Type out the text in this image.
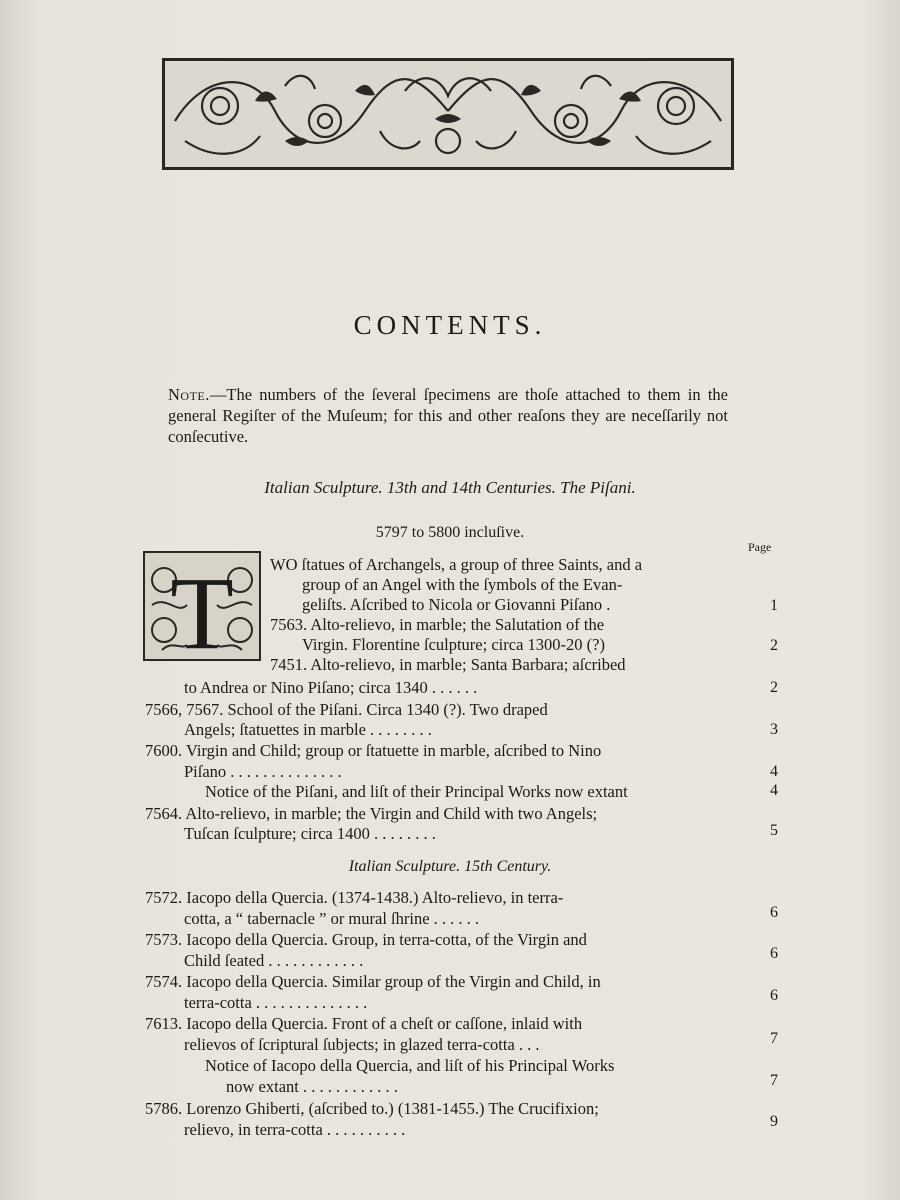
CONTENTS.
Note.—The numbers of the ſeveral ſpecimens are thoſe attached to them in the general Regiſter of the Muſeum; for this and other reaſons they are neceſſarily not conſecutive.
Italian Sculpture. 13th and 14th Centuries. The Piſani.
5797 to 5800 incluſive.
Page
T WO ſtatues of Archangels, a group of three Saints, and a
group of an Angel with the ſymbols of the Evan-
geliſts. Aſcribed to Nicola or Giovanni Piſano .
7563. Alto-relievo, in marble; the Salutation of the
Virgin. Florentine ſculpture; circa 1300-20 (?)
7451. Alto-relievo, in marble; Santa Barbara; aſcribed
to Andrea or Nino Piſano; circa 1340 . . . . . .
7566, 7567. School of the Piſani. Circa 1340 (?). Two draped
Angels; ſtatuettes in marble . . . . . . . .
7600. Virgin and Child; group or ſtatuette in marble, aſcribed to Nino
Piſano . . . . . . . . . . . . . .
Notice of the Piſani, and liſt of their Principal Works now extant
7564. Alto-relievo, in marble; the Virgin and Child with two Angels;
Tuſcan ſculpture; circa 1400 . . . . . . . .
1
2
2
3
4
4
5
Italian Sculpture. 15th Century.
7572. Iacopo della Quercia. (1374-1438.) Alto-relievo, in terra-
cotta, a “ tabernacle ” or mural ſhrine . . . . . .
7573. Iacopo della Quercia. Group, in terra-cotta, of the Virgin and
Child ſeated . . . . . . . . . . . .
7574. Iacopo della Quercia. Similar group of the Virgin and Child, in
terra-cotta . . . . . . . . . . . . . .
7613. Iacopo della Quercia. Front of a cheſt or caſſone, inlaid with
relievos of ſcriptural ſubjects; in glazed terra-cotta . . .
Notice of Iacopo della Quercia, and liſt of his Principal Works
now extant . . . . . . . . . . . .
5786. Lorenzo Ghiberti, (aſcribed to.) (1381-1455.) The Crucifixion;
relievo, in terra-cotta . . . . . . . . . .
6
6
6
7
7
9
